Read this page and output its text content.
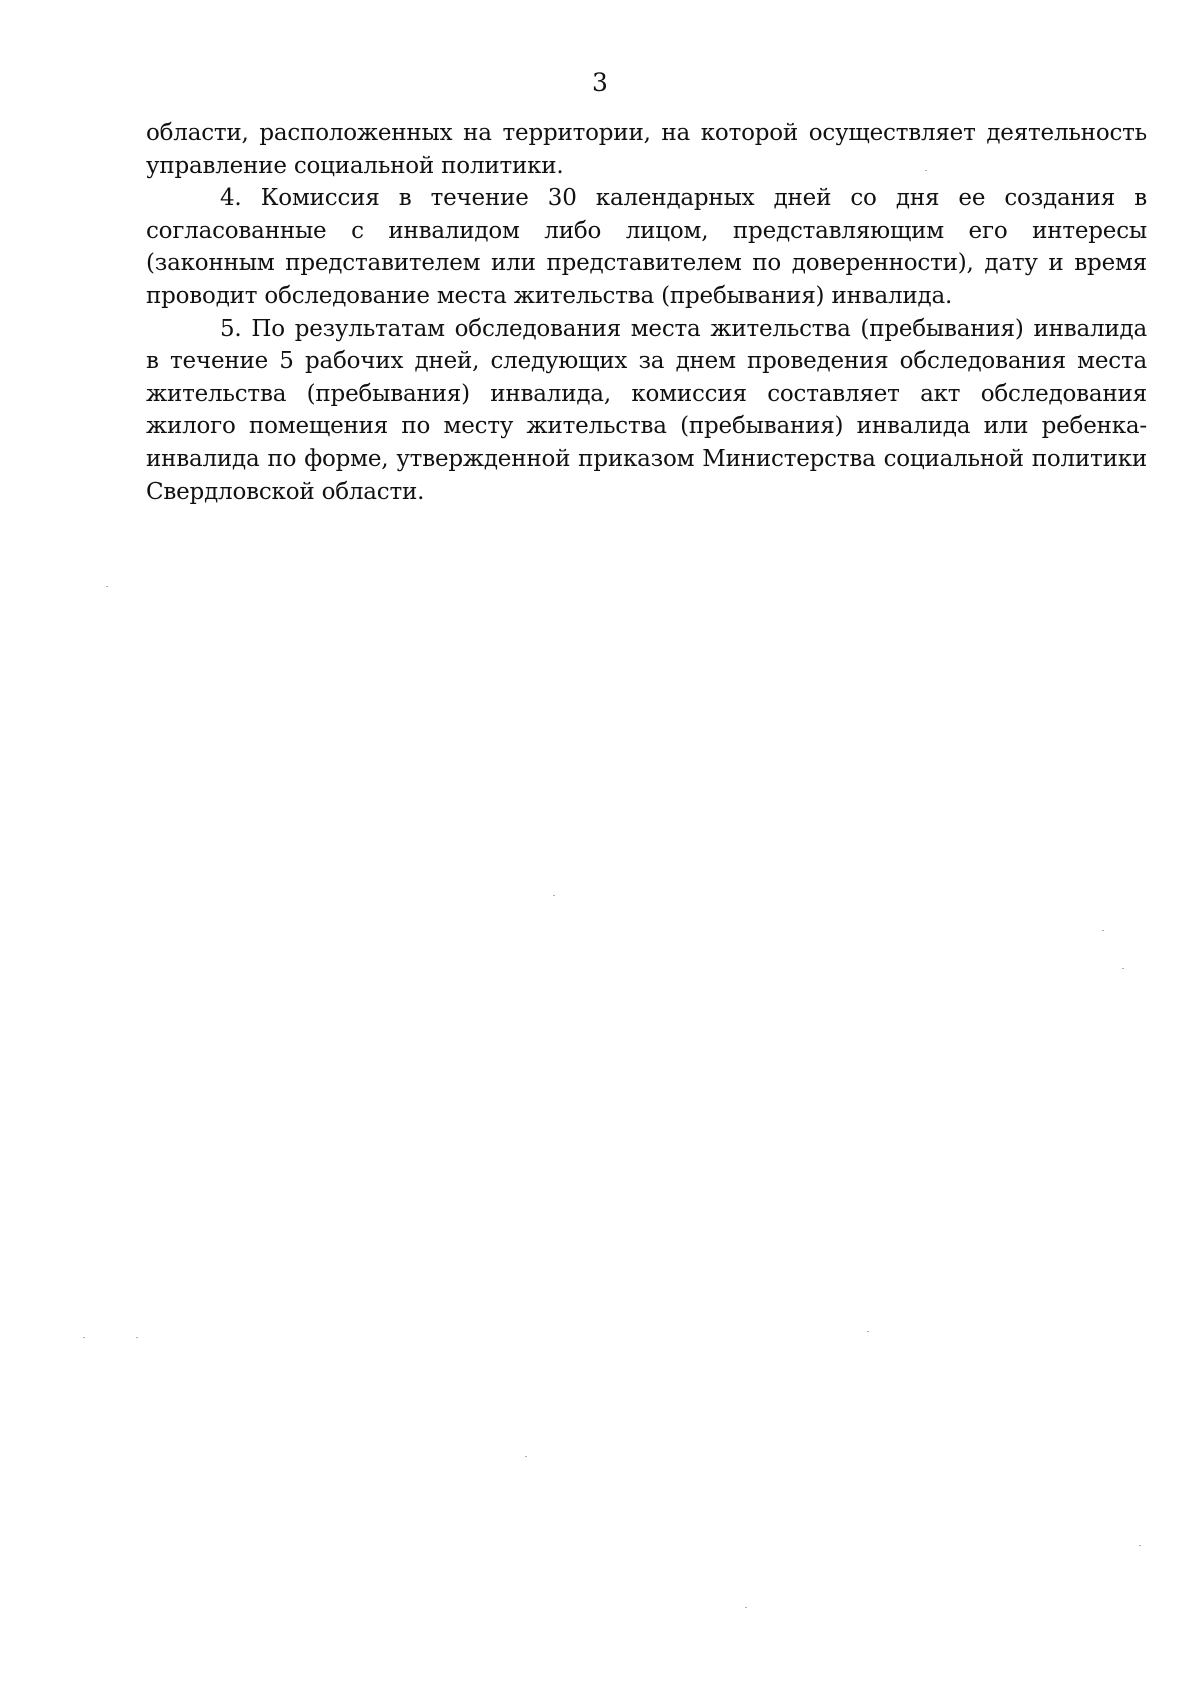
3

области, расположенных на территории, на которой осуществляет деятельность управление социальной политики.

4. Комиссия в течение 30 календарных дней со дня ее создания в согласованные с инвалидом либо лицом, представляющим его интересы (законным представителем или представителем по доверенности), дату и время проводит обследование места жительства (пребывания) инвалида.

5. По результатам обследования места жительства (пребывания) инвалида в течение 5 рабочих дней, следующих за днем проведения обследования места жительства (пребывания) инвалида, комиссия составляет акт обследования жилого помещения по месту жительства (пребывания) инвалида или ребенка-инвалида по форме, утвержденной приказом Министерства социальной политики Свердловской области.
